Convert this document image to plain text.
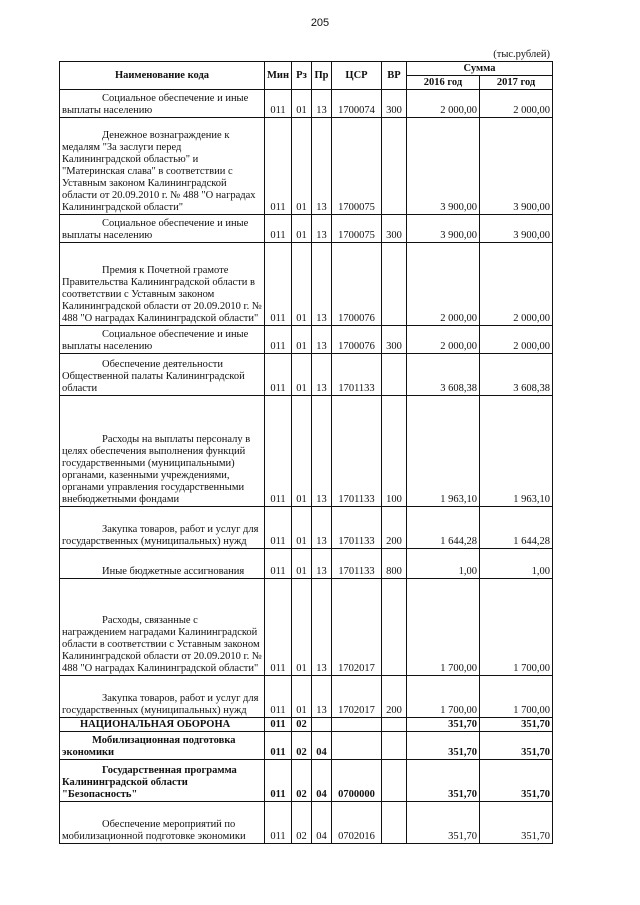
205
(тыс.рублей)
Наименование кода	Мин	Рз	Пр	ЦСР	ВР	Сумма	
						2016 год	2017 год
Социальное обеспечение и иные выплаты населению	011	01	13	1700074	300	2 000,00	2 000,00
Денежное вознаграждение к медалям "За заслуги перед Калининградской областью" и "Материнская слава" в соответствии с Уставным законом Калининградской области от 20.09.2010 г. № 488 "О наградах Калининградской области"	011	01	13	1700075		3 900,00	3 900,00
Социальное обеспечение и иные выплаты населению	011	01	13	1700075	300	3 900,00	3 900,00
Премия к Почетной грамоте Правительства Калининградской области в соответствии с Уставным законом Калининградской области от 20.09.2010 г. № 488 "О наградах Калининградской области"	011	01	13	1700076		2 000,00	2 000,00
Социальное обеспечение и иные выплаты населению	011	01	13	1700076	300	2 000,00	2 000,00
Обеспечение деятельности Общественной палаты Калининградской области	011	01	13	1701133		3 608,38	3 608,38
Расходы на выплаты персоналу в целях обеспечения выполнения функций государственными (муниципальными) органами, казенными учреждениями, органами управления государственными внебюджетными фондами	011	01	13	1701133	100	1 963,10	1 963,10
Закупка товаров, работ и услуг для государственных (муниципальных) нужд	011	01	13	1701133	200	1 644,28	1 644,28
Иные бюджетные ассигнования	011	01	13	1701133	800	1,00	1,00
Расходы, связанные с награждением наградами Калининградской области в соответствии с Уставным законом Калининградской области от 20.09.2010 г. № 488 "О наградах Калининградской области"	011	01	13	1702017		1 700,00	1 700,00
Закупка товаров, работ и услуг для государственных (муниципальных) нужд	011	01	13	1702017	200	1 700,00	1 700,00
НАЦИОНАЛЬНАЯ ОБОРОНА	011	02				351,70	351,70
Мобилизационная подготовка экономики	011	02	04			351,70	351,70
Государственная программа Калининградской области "Безопасность"	011	02	04	0700000		351,70	351,70
Обеспечение мероприятий по мобилизационной подготовке экономики	011	02	04	0702016		351,70	351,70
